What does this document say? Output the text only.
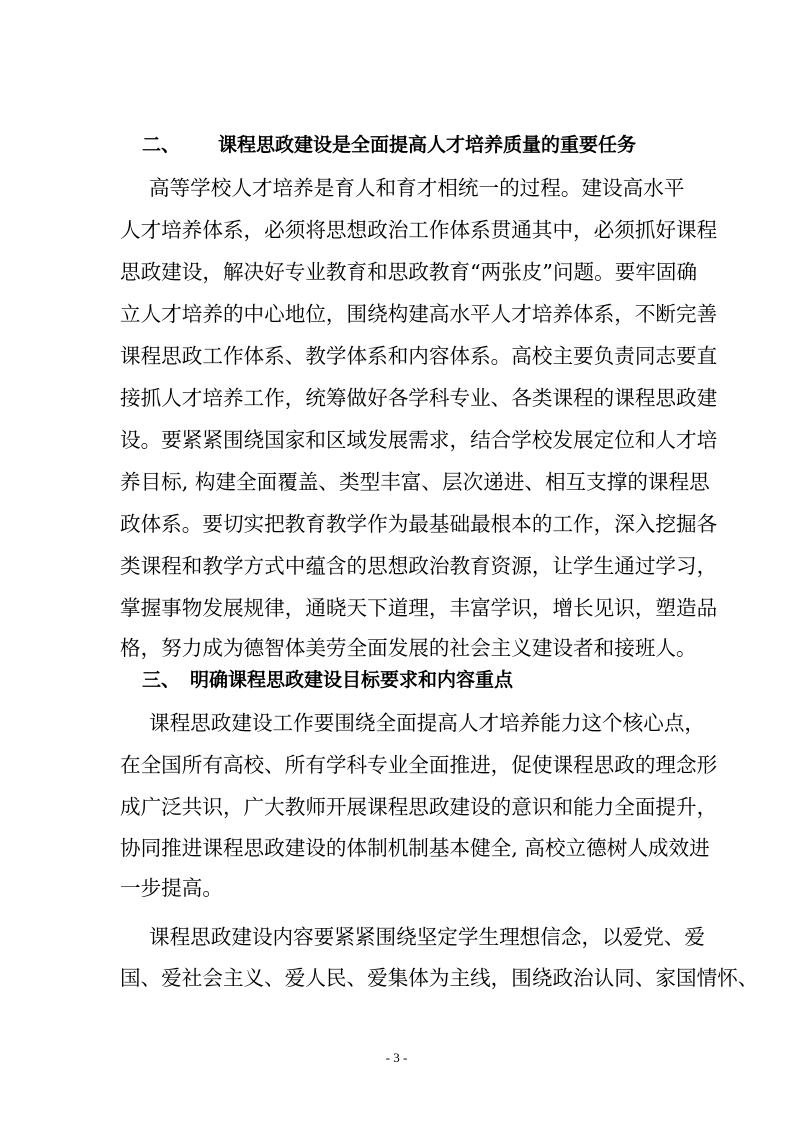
二、 课程思政建设是全面提高人才培养质量的重要任务
高等学校人才培养是育人和育才相统一的过程。建设高水平
人才培养体系，必须将思想政治工作体系贯通其中，必须抓好课程
思政建设，解决好专业教育和思政教育“两张皮”问题。要牢固确
立人才培养的中心地位，围绕构建高水平人才培养体系，不断完善
课程思政工作体系、教学体系和内容体系。高校主要负责同志要直
接抓人才培养工作，统筹做好各学科专业、各类课程的课程思政建
设。要紧紧围绕国家和区域发展需求，结合学校发展定位和人才培
养目标, 构建全面覆盖、类型丰富、层次递进、相互支撑的课程思
政体系。要切实把教育教学作为最基础最根本的工作，深入挖掘各
类课程和教学方式中蕴含的思想政治教育资源，让学生通过学习，
掌握事物发展规律，通晓天下道理，丰富学识，增长见识，塑造品
格，努力成为德智体美劳全面发展的社会主义建设者和接班人。
三、 明确课程思政建设目标要求和内容重点
课程思政建设工作要围绕全面提高人才培养能力这个核心点，
在全国所有高校、所有学科专业全面推进，促使课程思政的理念形
成广泛共识，广大教师开展课程思政建设的意识和能力全面提升，
协同推进课程思政建设的体制机制基本健全, 高校立德树人成效进
一步提高。
课程思政建设内容要紧紧围绕坚定学生理想信念，以爱党、爱
国、爱社会主义、爱人民、爱集体为主线，围绕政治认同、家国情怀、
- 3 -
